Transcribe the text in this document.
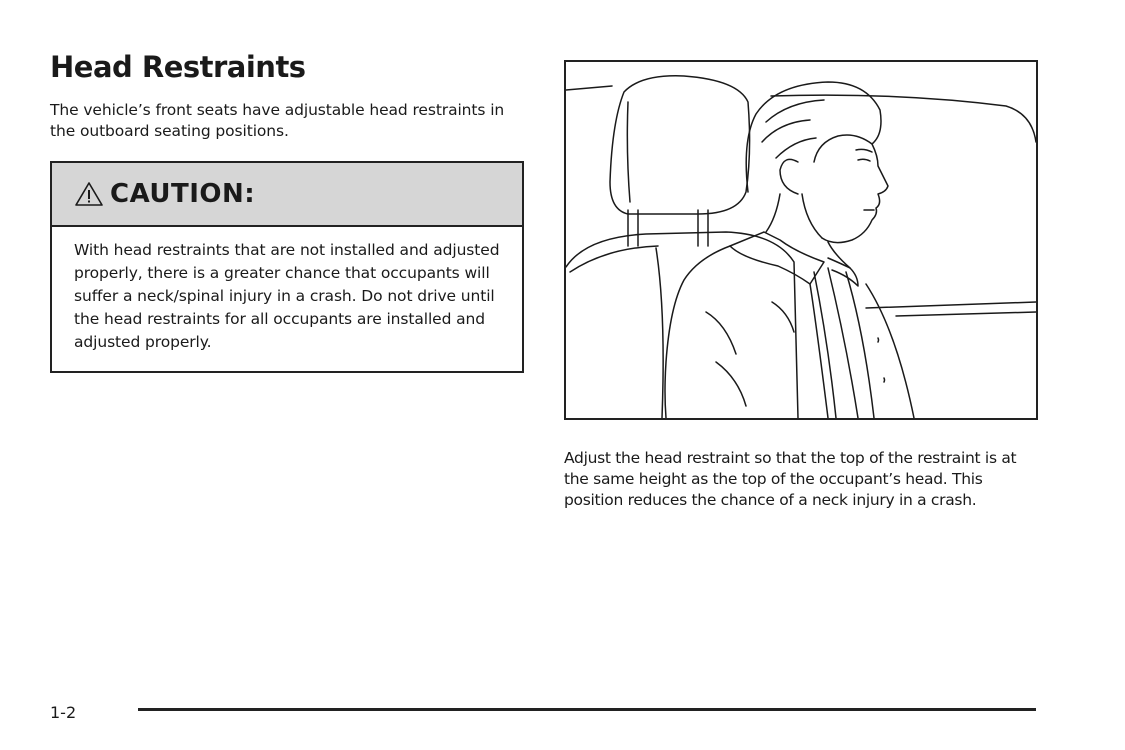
Head Restraints

The vehicle’s front seats have adjustable head restraints in the outboard seating positions.

CAUTION:

With head restraints that are not installed and adjusted properly, there is a greater chance that occupants will suffer a neck/spinal injury in a crash. Do not drive until the head restraints for all occupants are installed and adjusted properly.

Adjust the head restraint so that the top of the restraint is at the same height as the top of the occupant’s head. This position reduces the chance of a neck injury in a crash.

1-2
